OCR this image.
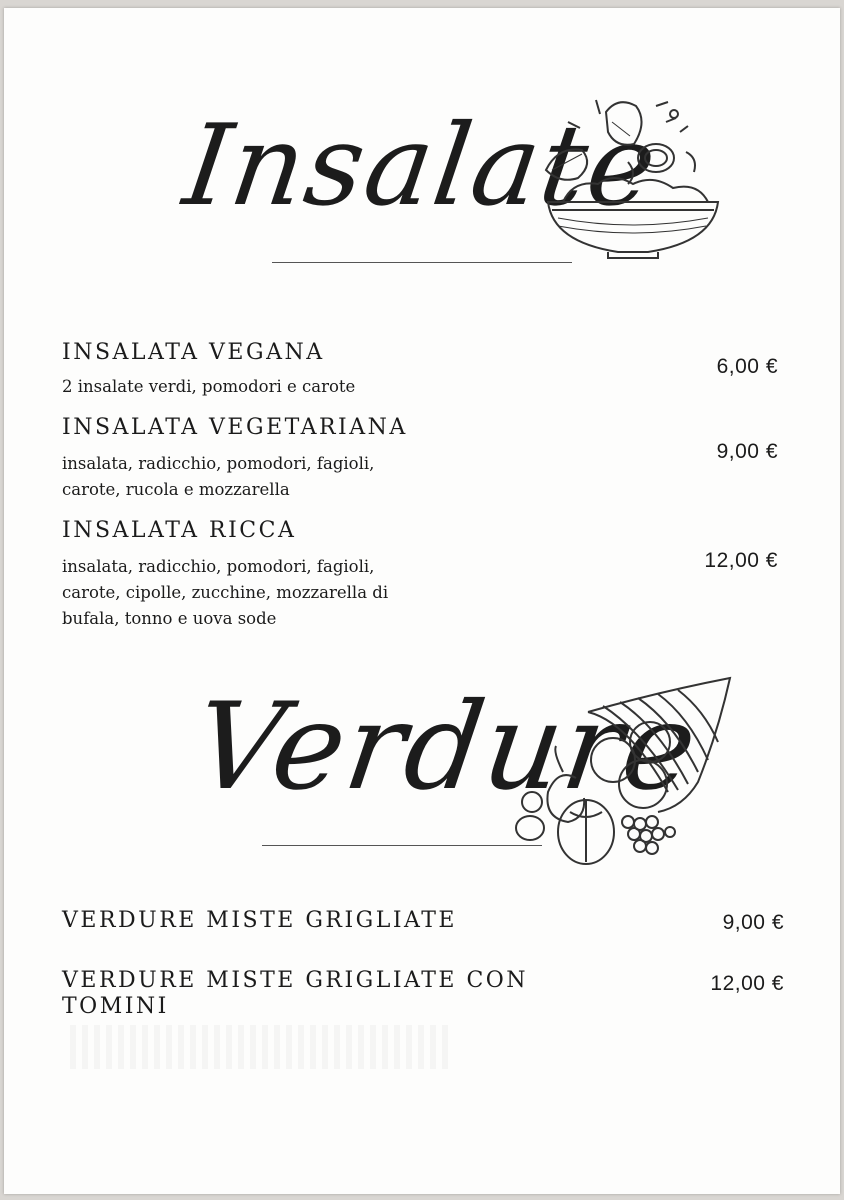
Insalate
INSALATA VEGANA
2 insalate verdi, pomodori e carote
6,00 €
INSALATA VEGETARIANA
insalata, radicchio, pomodori, fagioli,
carote, rucola e mozzarella
9,00 €
INSALATA RICCA
insalata, radicchio, pomodori, fagioli,
carote, cipolle, zucchine, mozzarella di
bufala, tonno e uova sode
12,00 €
Verdure
VERDURE MISTE GRIGLIATE	9,00 €
VERDURE MISTE GRIGLIATE CON
TOMINI
12,00 €
